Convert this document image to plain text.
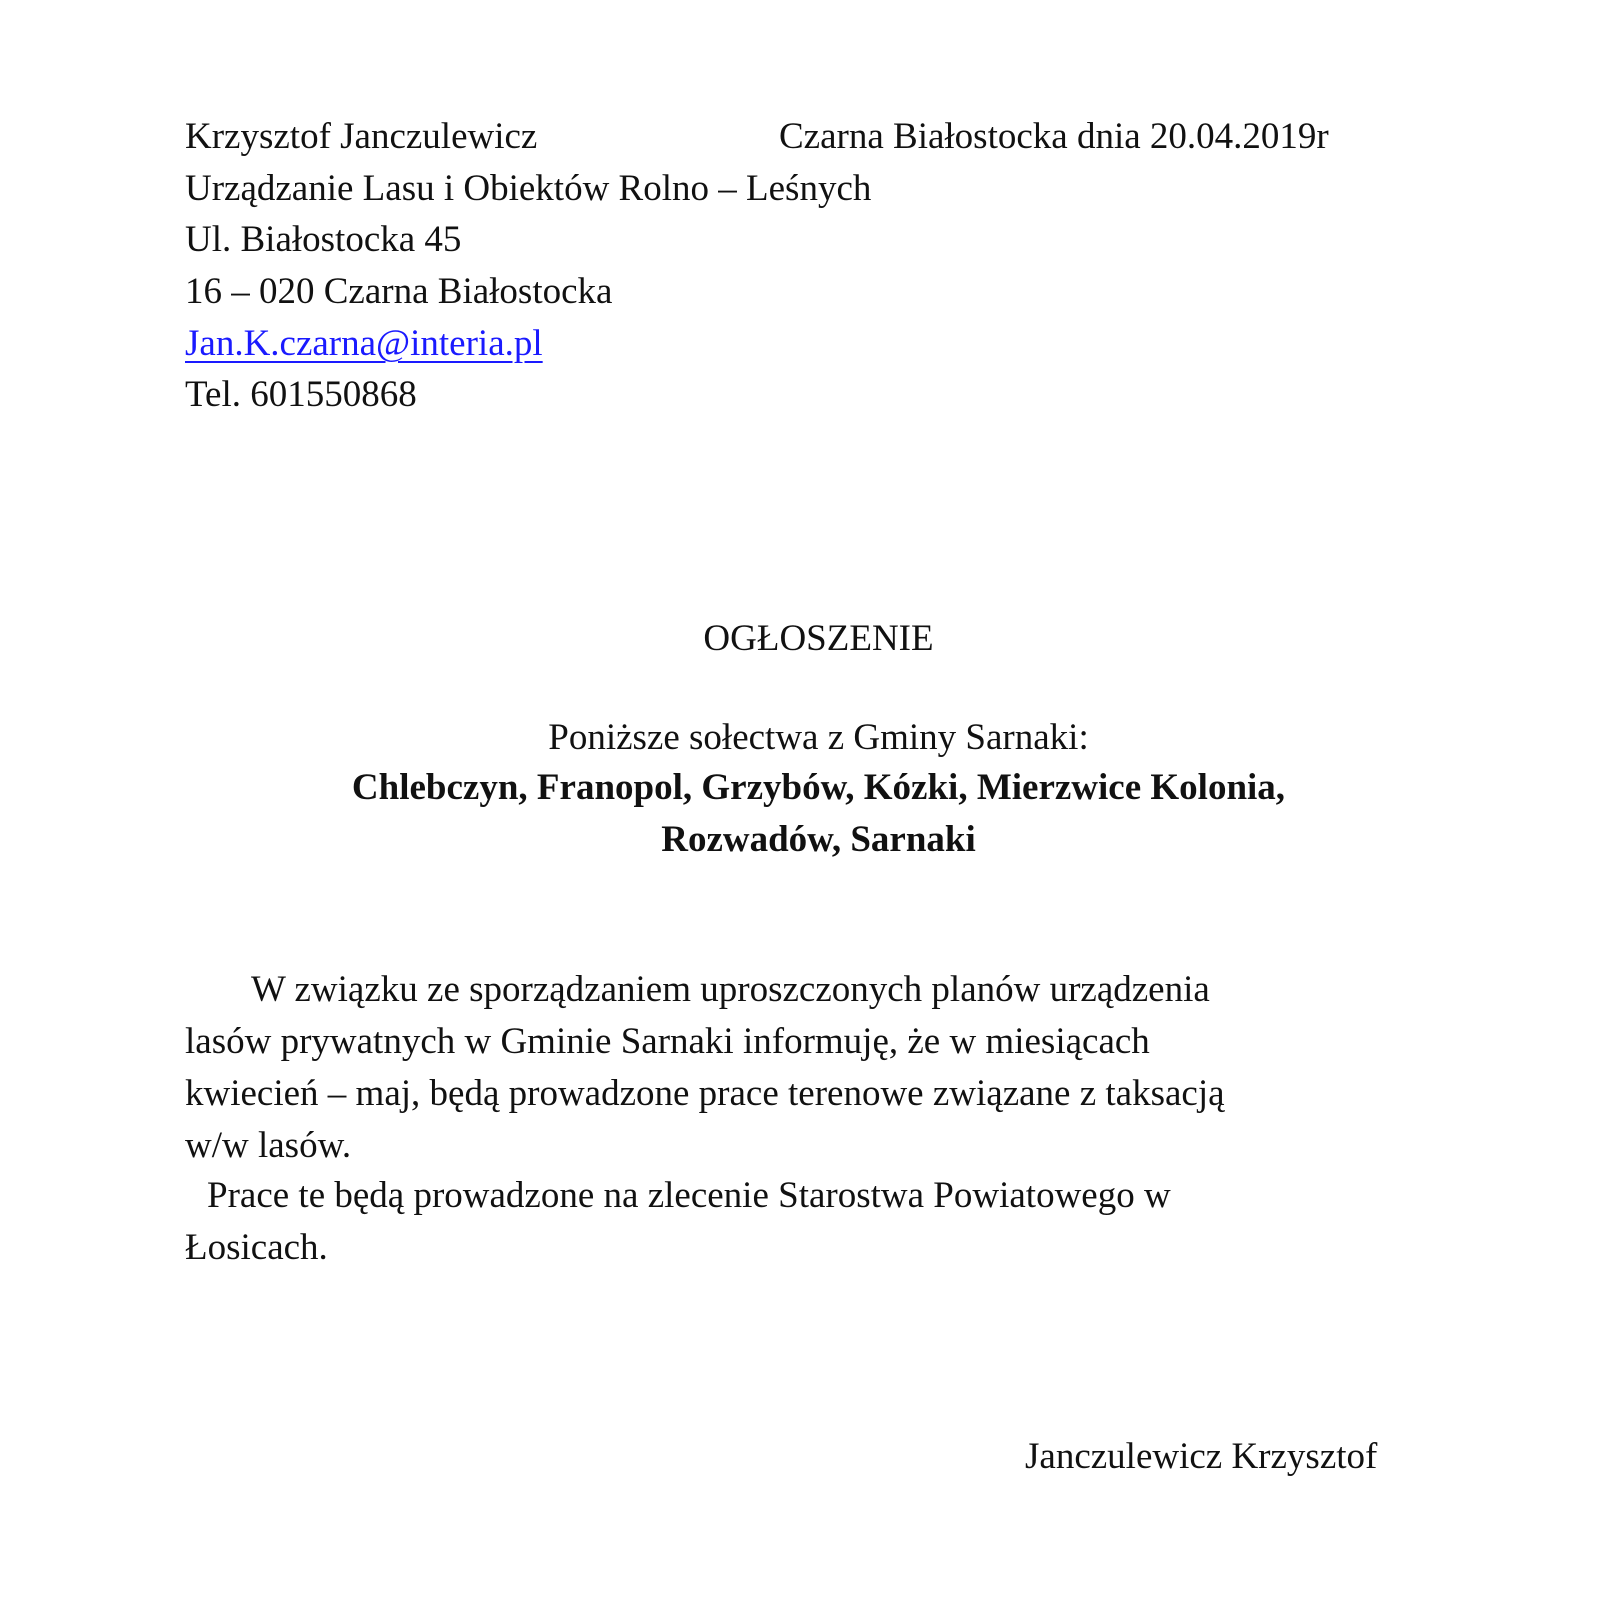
Krzysztof Janczulewicz	Czarna Białostocka dnia 20.04.2019r
Urządzanie Lasu i Obiektów Rolno – Leśnych
Ul. Białostocka 45
16 – 020 Czarna Białostocka
Jan.K.czarna@interia.pl
Tel. 601550868
OGŁOSZENIE
Poniższe sołectwa z Gminy Sarnaki:
Chlebczyn, Franopol, Grzybów, Kózki, Mierzwice Kolonia,
Rozwadów, Sarnaki
W związku ze sporządzaniem uproszczonych planów urządzenia
lasów prywatnych w Gminie Sarnaki informuję, że w miesiącach
kwiecień – maj, będą prowadzone prace terenowe związane z taksacją
w/w lasów.
Prace te będą prowadzone na zlecenie Starostwa Powiatowego w
Łosicach.
Janczulewicz Krzysztof
